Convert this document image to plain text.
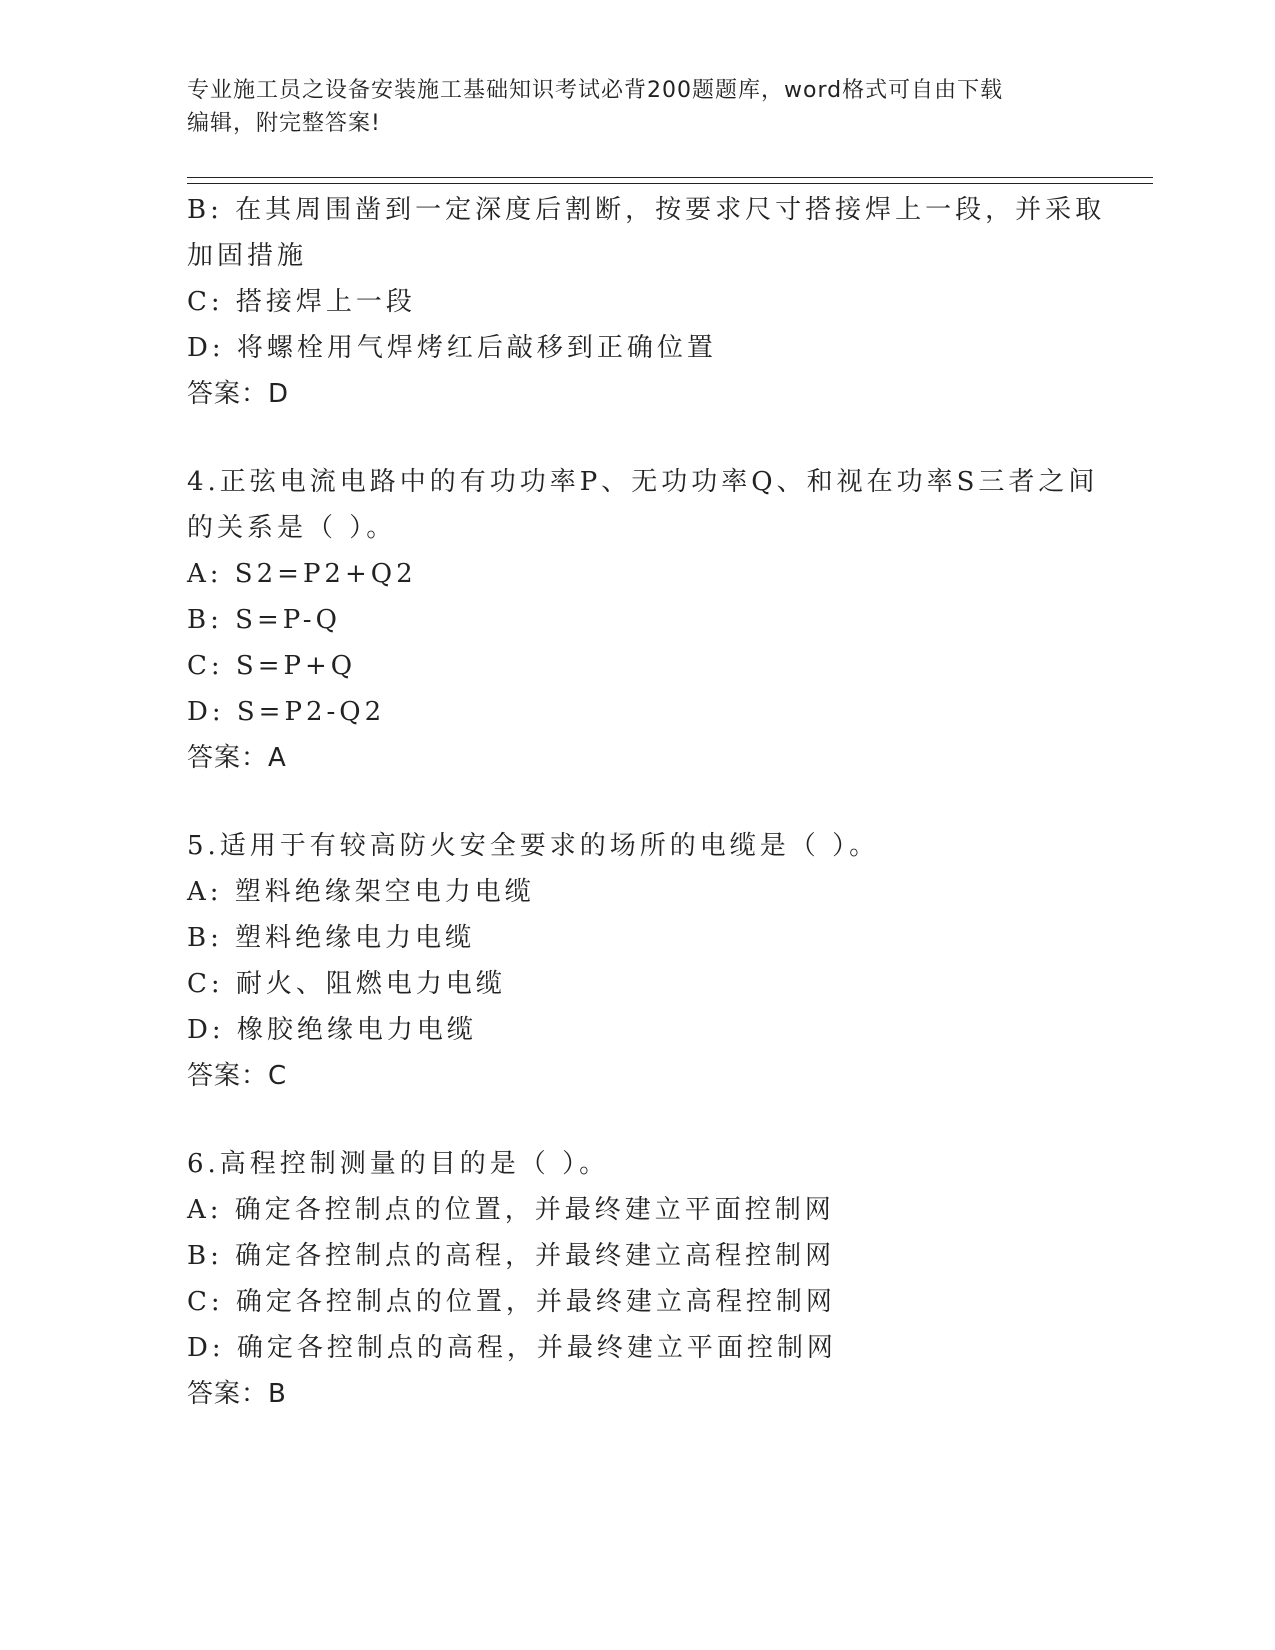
专业施工员之设备安装施工基础知识考试必背200题题库，word格式可自由下载
编辑，附完整答案!
B: 在其周围凿到一定深度后割断，按要求尺寸搭接焊上一段，并采取
加固措施
C: 搭接焊上一段
D: 将螺栓用气焊烤红后敲移到正确位置
答案：D
4.正弦电流电路中的有功功率P、无功功率Q、和视在功率S三者之间
的关系是（ ）。
A: S2=P2+Q2
B: S=P-Q
C: S=P+Q
D: S=P2-Q2
答案：A
5.适用于有较高防火安全要求的场所的电缆是（ ）。
A: 塑料绝缘架空电力电缆
B: 塑料绝缘电力电缆
C: 耐火、阻燃电力电缆
D: 橡胶绝缘电力电缆
答案：C
6.高程控制测量的目的是（ ）。
A: 确定各控制点的位置，并最终建立平面控制网
B: 确定各控制点的高程，并最终建立高程控制网
C: 确定各控制点的位置，并最终建立高程控制网
D: 确定各控制点的高程，并最终建立平面控制网
答案：B
